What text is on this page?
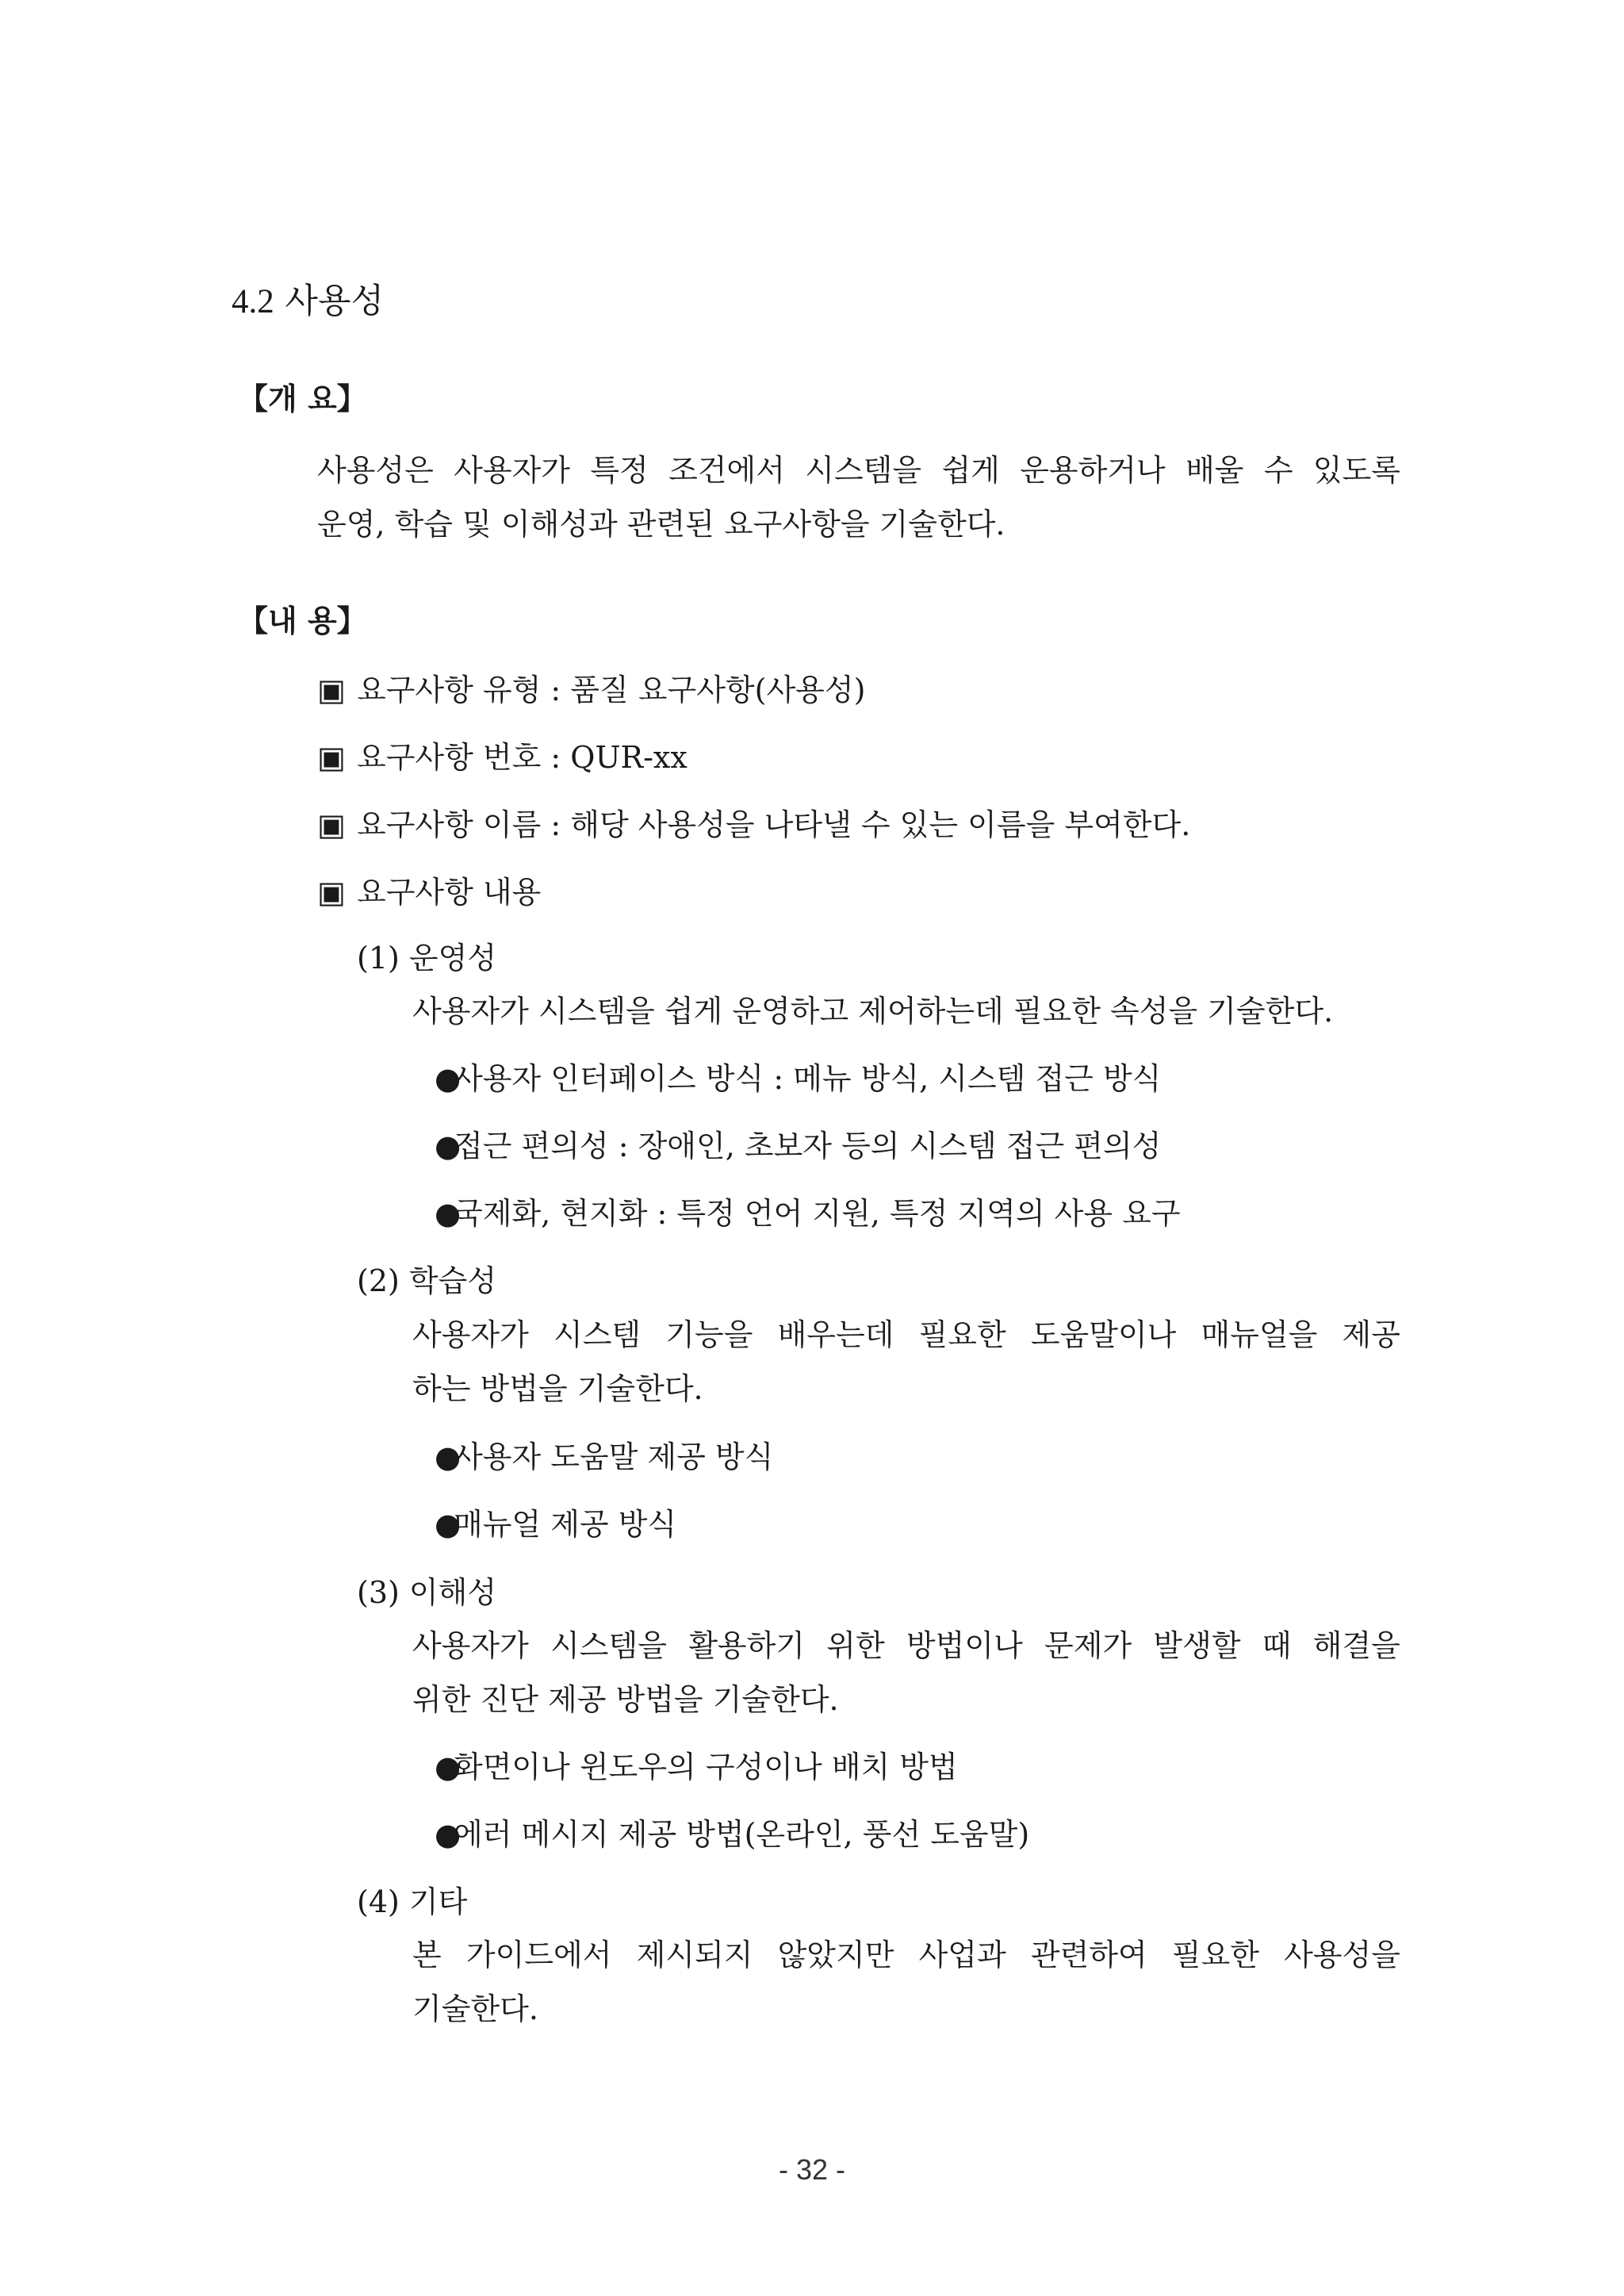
4.2 사용성
【개 요】
사용성은 사용자가 특정 조건에서 시스템을 쉽게 운용하거나 배울 수 있도록
운영, 학습 및 이해성과 관련된 요구사항을 기술한다.
【내 용】
▣ 요구사항 유형 : 품질 요구사항(사용성)
▣ 요구사항 번호 : QUR-xx
▣ 요구사항 이름 : 해당 사용성을 나타낼 수 있는 이름을 부여한다.
▣ 요구사항 내용
(1) 운영성
사용자가 시스템을 쉽게 운영하고 제어하는데 필요한 속성을 기술한다.
●사용자 인터페이스 방식 : 메뉴 방식, 시스템 접근 방식
●접근 편의성 : 장애인, 초보자 등의 시스템 접근 편의성
●국제화, 현지화 : 특정 언어 지원, 특정 지역의 사용 요구
(2) 학습성
사용자가 시스템 기능을 배우는데 필요한 도움말이나 매뉴얼을 제공
하는 방법을 기술한다.
●사용자 도움말 제공 방식
●매뉴얼 제공 방식
(3) 이해성
사용자가 시스템을 활용하기 위한 방법이나 문제가 발생할 때 해결을
위한 진단 제공 방법을 기술한다.
●화면이나 윈도우의 구성이나 배치 방법
●에러 메시지 제공 방법(온라인, 풍선 도움말)
(4) 기타
본 가이드에서 제시되지 않았지만 사업과 관련하여 필요한 사용성을
기술한다.
- 32 -
